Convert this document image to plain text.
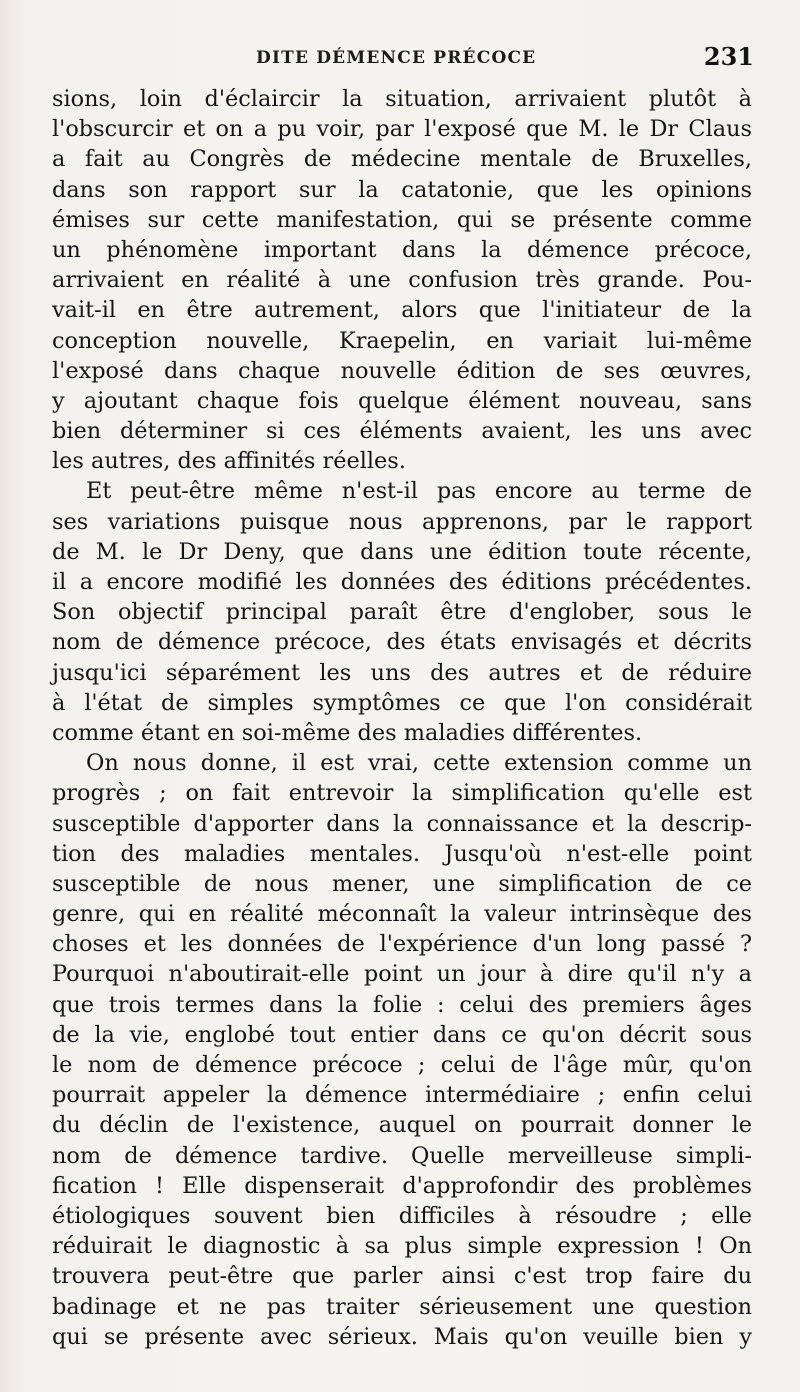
DITE DÉMENCE PRÉCOCE	231
sions, loin d'éclaircir la situation, arrivaient plutôt à
l'obscurcir et on a pu voir, par l'exposé que M. le Dr Claus
a fait au Congrès de médecine mentale de Bruxelles,
dans son rapport sur la catatonie, que les opinions
émises sur cette manifestation, qui se présente comme
un phénomène important dans la démence précoce,
arrivaient en réalité à une confusion très grande. Pou-
vait-il en être autrement, alors que l'initiateur de la
conception nouvelle, Kraepelin, en variait lui-même
l'exposé dans chaque nouvelle édition de ses œuvres,
y ajoutant chaque fois quelque élément nouveau, sans
bien déterminer si ces éléments avaient, les uns avec
les autres, des affinités réelles.
Et peut-être même n'est-il pas encore au terme de
ses variations puisque nous apprenons, par le rapport
de M. le Dr Deny, que dans une édition toute récente,
il a encore modifié les données des éditions précédentes.
Son objectif principal paraît être d'englober, sous le
nom de démence précoce, des états envisagés et décrits
jusqu'ici séparément les uns des autres et de réduire
à l'état de simples symptômes ce que l'on considérait
comme étant en soi-même des maladies différentes.
On nous donne, il est vrai, cette extension comme un
progrès ; on fait entrevoir la simplification qu'elle est
susceptible d'apporter dans la connaissance et la descrip-
tion des maladies mentales. Jusqu'où n'est-elle point
susceptible de nous mener, une simplification de ce
genre, qui en réalité méconnaît la valeur intrinsèque des
choses et les données de l'expérience d'un long passé ?
Pourquoi n'aboutirait-elle point un jour à dire qu'il n'y a
que trois termes dans la folie : celui des premiers âges
de la vie, englobé tout entier dans ce qu'on décrit sous
le nom de démence précoce ; celui de l'âge mûr, qu'on
pourrait appeler la démence intermédiaire ; enfin celui
du déclin de l'existence, auquel on pourrait donner le
nom de démence tardive. Quelle merveilleuse simpli-
fication ! Elle dispenserait d'approfondir des problèmes
étiologiques souvent bien difficiles à résoudre ; elle
réduirait le diagnostic à sa plus simple expression ! On
trouvera peut-être que parler ainsi c'est trop faire du
badinage et ne pas traiter sérieusement une question
qui se présente avec sérieux. Mais qu'on veuille bien y
